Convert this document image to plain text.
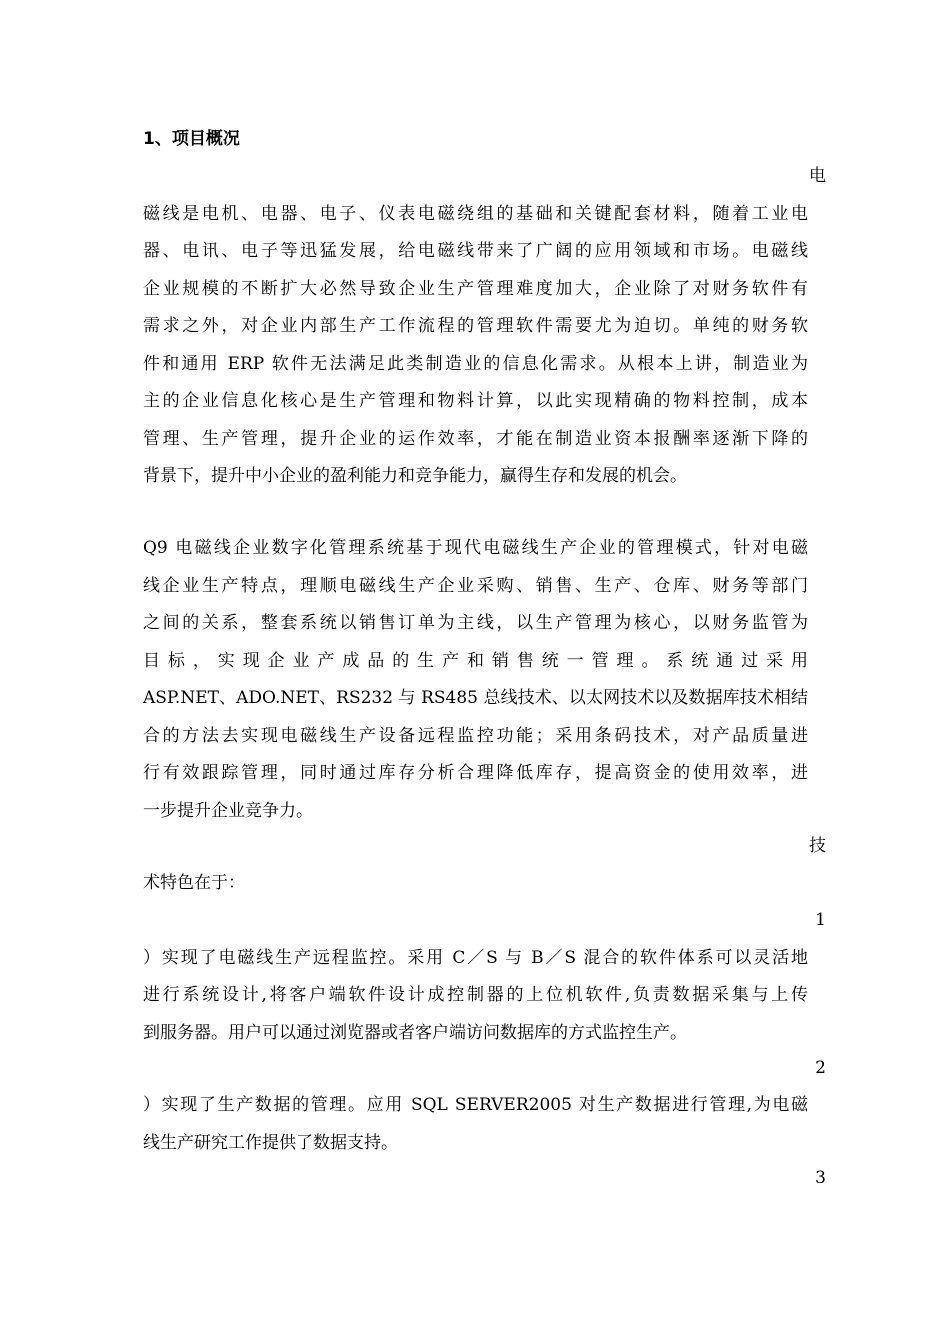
1、项目概况
电
磁线是电机、电器、电子、仪表电磁绕组的基础和关键配套材料，随着工业电
器、电讯、电子等迅猛发展，给电磁线带来了广阔的应用领域和市场。电磁线
企业规模的不断扩大必然导致企业生产管理难度加大，企业除了对财务软件有
需求之外，对企业内部生产工作流程的管理软件需要尤为迫切。单纯的财务软
件和通用 ERP 软件无法满足此类制造业的信息化需求。从根本上讲，制造业为
主的企业信息化核心是生产管理和物料计算，以此实现精确的物料控制，成本
管理、生产管理，提升企业的运作效率，才能在制造业资本报酬率逐渐下降的
背景下，提升中小企业的盈利能力和竞争能力，赢得生存和发展的机会。
Q9 电磁线企业数字化管理系统基于现代电磁线生产企业的管理模式，针对电磁
线企业生产特点，理顺电磁线生产企业采购、销售、生产、仓库、财务等部门
之间的关系，整套系统以销售订单为主线，以生产管理为核心，以财务监管为
目 标 ， 实 现 企 业 产 成 品 的 生 产 和 销 售 统 一 管 理 。 系 统 通 过 采 用
ASP.NET、ADO.NET、RS232 与 RS485 总线技术、以太网技术以及数据库技术相结
合的方法去实现电磁线生产设备远程监控功能；采用条码技术，对产品质量进
行有效跟踪管理，同时通过库存分析合理降低库存，提高资金的使用效率，进
一步提升企业竞争力。
技
术特色在于：
1
）实现了电磁线生产远程监控。采用 C／S 与 B／S 混合的软件体系可以灵活地
进行系统设计,将客户端软件设计成控制器的上位机软件,负责数据采集与上传
到服务器。用户可以通过浏览器或者客户端访问数据库的方式监控生产。
2
）实现了生产数据的管理。应用 SQL SERVER2005 对生产数据进行管理,为电磁
线生产研究工作提供了数据支持。
3
